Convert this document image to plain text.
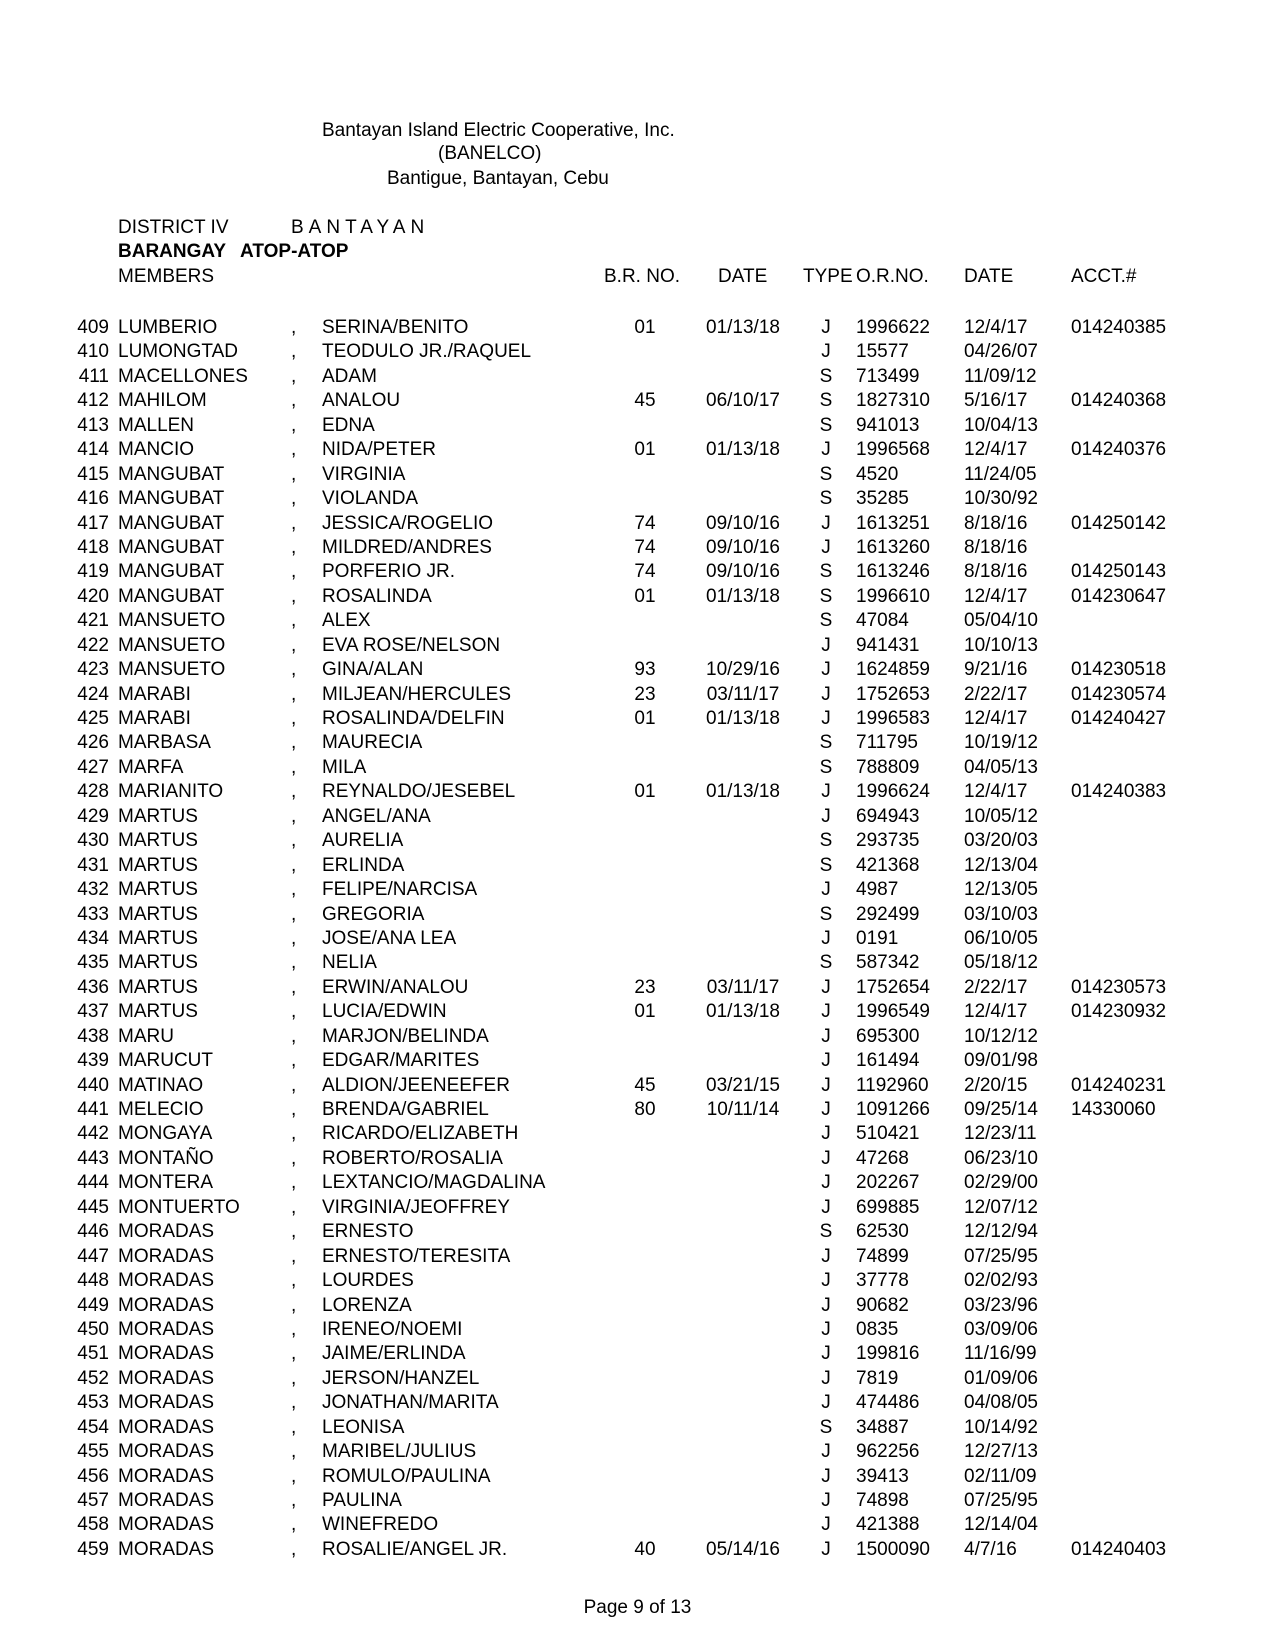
Bantayan Island Electric Cooperative, Inc.
(BANELCO)
Bantigue, Bantayan, Cebu
DISTRICT IV	BANTAYAN
BARANGAY ATOP-ATOP
MEMBERS	B.R. NO. DATE TYPE O.R.NO. DATE	ACCT.#
409 LUMBERIO	, SERINA/BENITO	01	01/13/18	J 1996622 12/4/17 014240385
410 LUMONGTAD	, TEODULO JR./RAQUEL	J 15577	04/26/07
411 MACELLONES , ADAM	S 713499 11/09/12
412 MAHILOM	, ANALOU	45	06/10/17	S 1827310 5/16/17 014240368
413 MALLEN	, EDNA	S 941013 10/04/13
414 MANCIO	, NIDA/PETER	01	01/13/18	J 1996568 12/4/17 014240376
415 MANGUBAT	, VIRGINIA	S 4520	11/24/05
416 MANGUBAT	, VIOLANDA	S 35285	10/30/92
417 MANGUBAT	, JESSICA/ROGELIO	74	09/10/16	J 1613251 8/18/16 014250142
418 MANGUBAT	, MILDRED/ANDRES	74	09/10/16	J 1613260 8/18/16
419 MANGUBAT	, PORFERIO JR.	74	09/10/16	S 1613246 8/18/16 014250143
420 MANGUBAT	, ROSALINDA	01	01/13/18	S 1996610 12/4/17 014230647
421 MANSUETO	, ALEX	S 47084	05/04/10
422 MANSUETO	, EVA ROSE/NELSON	J 941431 10/10/13
423 MANSUETO	, GINA/ALAN	93	10/29/16	J 1624859 9/21/16 014230518
424 MARABI	, MILJEAN/HERCULES	23	03/11/17	J 1752653 2/22/17 014230574
425 MARABI	, ROSALINDA/DELFIN	01	01/13/18	J 1996583 12/4/17 014240427
426 MARBASA	, MAURECIA	S 711795 10/19/12
427 MARFA	, MILA	S 788809 04/05/13
428 MARIANITO	, REYNALDO/JESEBEL	01	01/13/18	J 1996624 12/4/17 014240383
429 MARTUS	, ANGEL/ANA	J 694943 10/05/12
430 MARTUS	, AURELIA	S 293735 03/20/03
431 MARTUS	, ERLINDA	S 421368 12/13/04
432 MARTUS	, FELIPE/NARCISA	J 4987	12/13/05
433 MARTUS	, GREGORIA	S 292499 03/10/03
434 MARTUS	, JOSE/ANA LEA	J 0191	06/10/05
435 MARTUS	, NELIA	S 587342 05/18/12
436 MARTUS	, ERWIN/ANALOU	23	03/11/17	J 1752654 2/22/17 014230573
437 MARTUS	, LUCIA/EDWIN	01	01/13/18	J 1996549 12/4/17 014230932
438 MARU	, MARJON/BELINDA	J 695300 10/12/12
439 MARUCUT	, EDGAR/MARITES	J 161494 09/01/98
440 MATINAO	, ALDION/JEENEEFER	45	03/21/15	J 1192960 2/20/15 014240231
441 MELECIO	, BRENDA/GABRIEL	80	10/11/14	J 1091266 09/25/14 14330060
442 MONGAYA	, RICARDO/ELIZABETH	J 510421 12/23/11
443 MONTAÑO	, ROBERTO/ROSALIA	J 47268	06/23/10
444 MONTERA	, LEXTANCIO/MAGDALINA	J 202267 02/29/00
445 MONTUERTO	, VIRGINIA/JEOFFREY	J 699885 12/07/12
446 MORADAS	, ERNESTO	S 62530	12/12/94
447 MORADAS	, ERNESTO/TERESITA	J 74899	07/25/95
448 MORADAS	, LOURDES	J 37778	02/02/93
449 MORADAS	, LORENZA	J 90682	03/23/96
450 MORADAS	, IRENEO/NOEMI	J 0835	03/09/06
451 MORADAS	, JAIME/ERLINDA	J 199816 11/16/99
452 MORADAS	, JERSON/HANZEL	J 7819	01/09/06
453 MORADAS	, JONATHAN/MARITA	J 474486 04/08/05
454 MORADAS	, LEONISA	S 34887	10/14/92
455 MORADAS	, MARIBEL/JULIUS	J 962256 12/27/13
456 MORADAS	, ROMULO/PAULINA	J 39413	02/11/09
457 MORADAS	, PAULINA	J 74898	07/25/95
458 MORADAS	, WINEFREDO	J 421388 12/14/04
459 MORADAS	, ROSALIE/ANGEL JR.	40	05/14/16	J 1500090 4/7/16	014240403
Page 9 of 13
